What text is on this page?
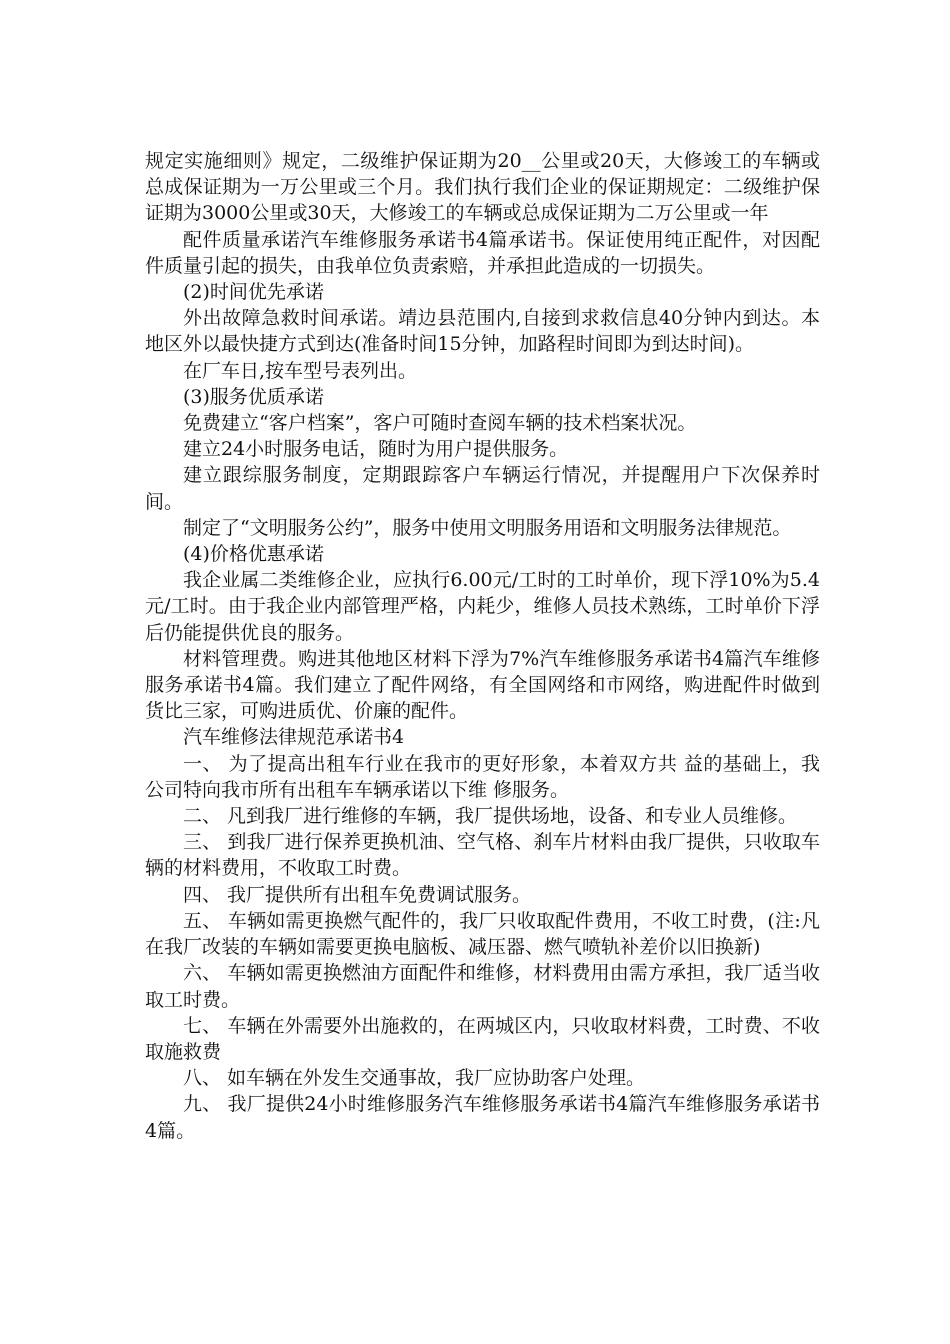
规定实施细则》规定，二级维护保证期为20__公里或20天，大修竣工的车辆或总成保证期为一万公里或三个月。我们执行我们企业的保证期规定：二级维护保证期为3000公里或30天，大修竣工的车辆或总成保证期为二万公里或一年

配件质量承诺汽车维修服务承诺书4篇承诺书。保证使用纯正配件，对因配件质量引起的损失，由我单位负责索赔，并承担此造成的一切损失。

(2)时间优先承诺

外出故障急救时间承诺。靖边县范围内,自接到求救信息40分钟内到达。本地区外以最快捷方式到达(准备时间15分钟，加路程时间即为到达时间)。

在厂车日,按车型号表列出。

(3)服务优质承诺

免费建立“客户档案”，客户可随时查阅车辆的技术档案状况。

建立24小时服务电话，随时为用户提供服务。

建立跟综服务制度，定期跟踪客户车辆运行情况，并提醒用户下次保养时间。

制定了“文明服务公约”，服务中使用文明服务用语和文明服务法律规范。

(4)价格优惠承诺

我企业属二类维修企业，应执行6.00元/工时的工时单价，现下浮10%为5.4元/工时。由于我企业内部管理严格，内耗少，维修人员技术熟练，工时单价下浮后仍能提供优良的服务。

材料管理费。购进其他地区材料下浮为7%汽车维修服务承诺书4篇汽车维修服务承诺书4篇。我们建立了配件网络，有全国网络和市网络，购进配件时做到货比三家，可购进质优、价廉的配件。

汽车维修法律规范承诺书4

一、 为了提高出租车行业在我市的更好形象，本着双方共 益的基础上，我公司特向我市所有出租车车辆承诺以下维 修服务。

二、 凡到我厂进行维修的车辆，我厂提供场地，设备、和专业人员维修。

三、 到我厂进行保养更换机油、空气格、刹车片材料由我厂提供，只收取车辆的材料费用，不收取工时费。

四、 我厂提供所有出租车免费调试服务。

五、 车辆如需更换燃气配件的，我厂只收取配件费用，不收工时费，(注:凡在我厂改装的车辆如需要更换电脑板、减压器、燃气喷轨补差价以旧换新)

六、 车辆如需更换燃油方面配件和维修，材料费用由需方承担，我厂适当收取工时费。

七、 车辆在外需要外出施救的，在两城区内，只收取材料费，工时费、不收取施救费

八、 如车辆在外发生交通事故，我厂应协助客户处理。

九、 我厂提供24小时维修服务汽车维修服务承诺书4篇汽车维修服务承诺书4篇。
